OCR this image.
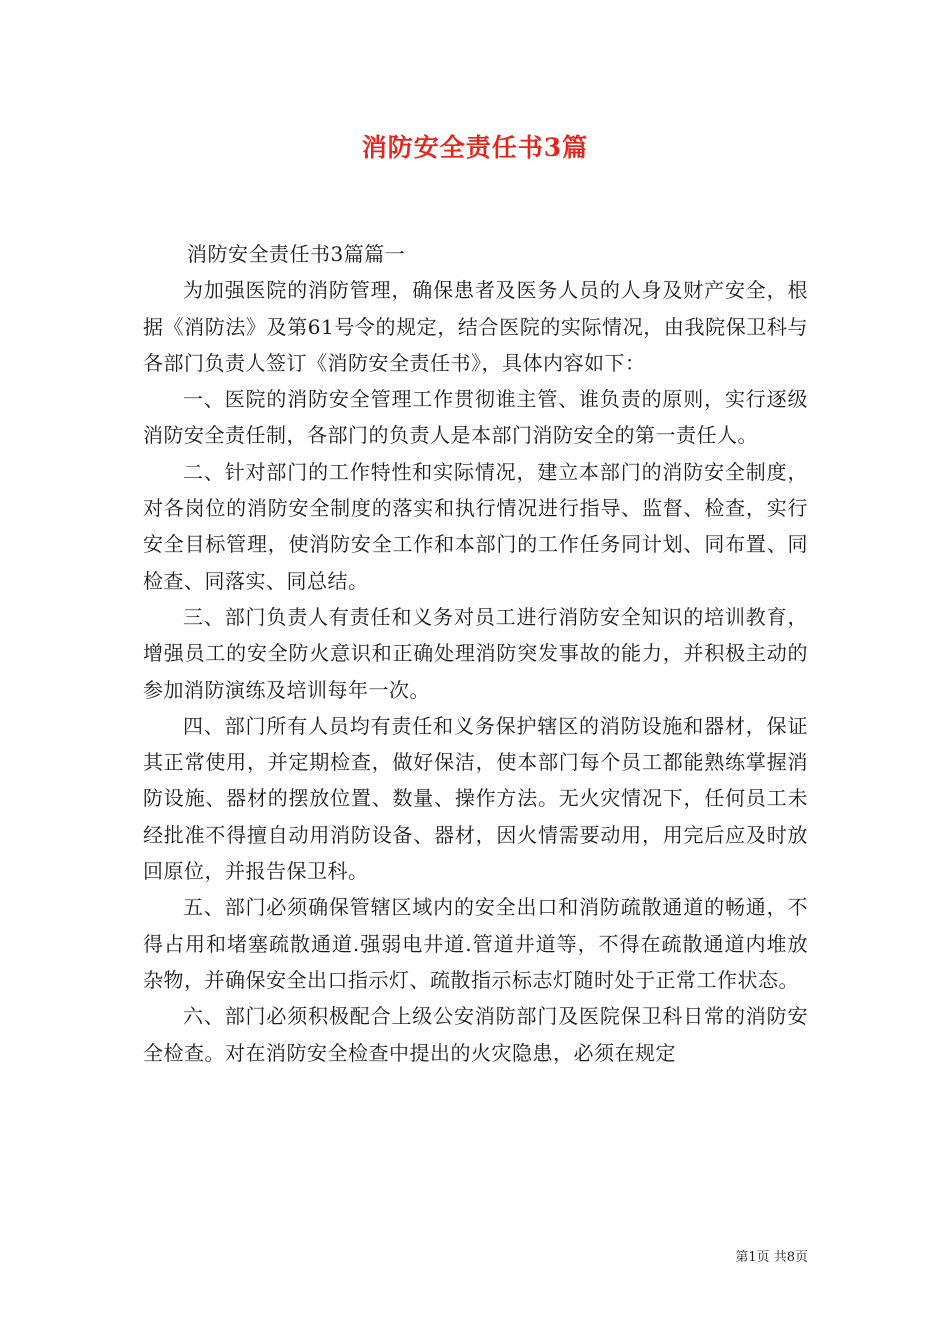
消防安全责任书3篇

消防安全责任书3篇篇一

为加强医院的消防管理，确保患者及医务人员的人身及财产安全，根据《消防法》及第61号令的规定，结合医院的实际情况，由我院保卫科与各部门负责人签订《消防安全责任书》，具体内容如下：

一、医院的消防安全管理工作贯彻谁主管、谁负责的原则，实行逐级消防安全责任制，各部门的负责人是本部门消防安全的第一责任人。

二、针对部门的工作特性和实际情况，建立本部门的消防安全制度，对各岗位的消防安全制度的落实和执行情况进行指导、监督、检查，实行安全目标管理，使消防安全工作和本部门的工作任务同计划、同布置、同检查、同落实、同总结。

三、部门负责人有责任和义务对员工进行消防安全知识的培训教育，增强员工的安全防火意识和正确处理消防突发事故的能力，并积极主动的参加消防演练及培训每年一次。

四、部门所有人员均有责任和义务保护辖区的消防设施和器材，保证其正常使用，并定期检查，做好保洁，使本部门每个员工都能熟练掌握消防设施、器材的摆放位置、数量、操作方法。无火灾情况下，任何员工未经批准不得擅自动用消防设备、器材，因火情需要动用，用完后应及时放回原位，并报告保卫科。

五、部门必须确保管辖区域内的安全出口和消防疏散通道的畅通，不得占用和堵塞疏散通道.强弱电井道.管道井道等，不得在疏散通道内堆放杂物，并确保安全出口指示灯、疏散指示标志灯随时处于正常工作状态。

六、部门必须积极配合上级公安消防部门及医院保卫科日常的消防安全检查。对在消防安全检查中提出的火灾隐患，必须在规定

第1页 共8页
